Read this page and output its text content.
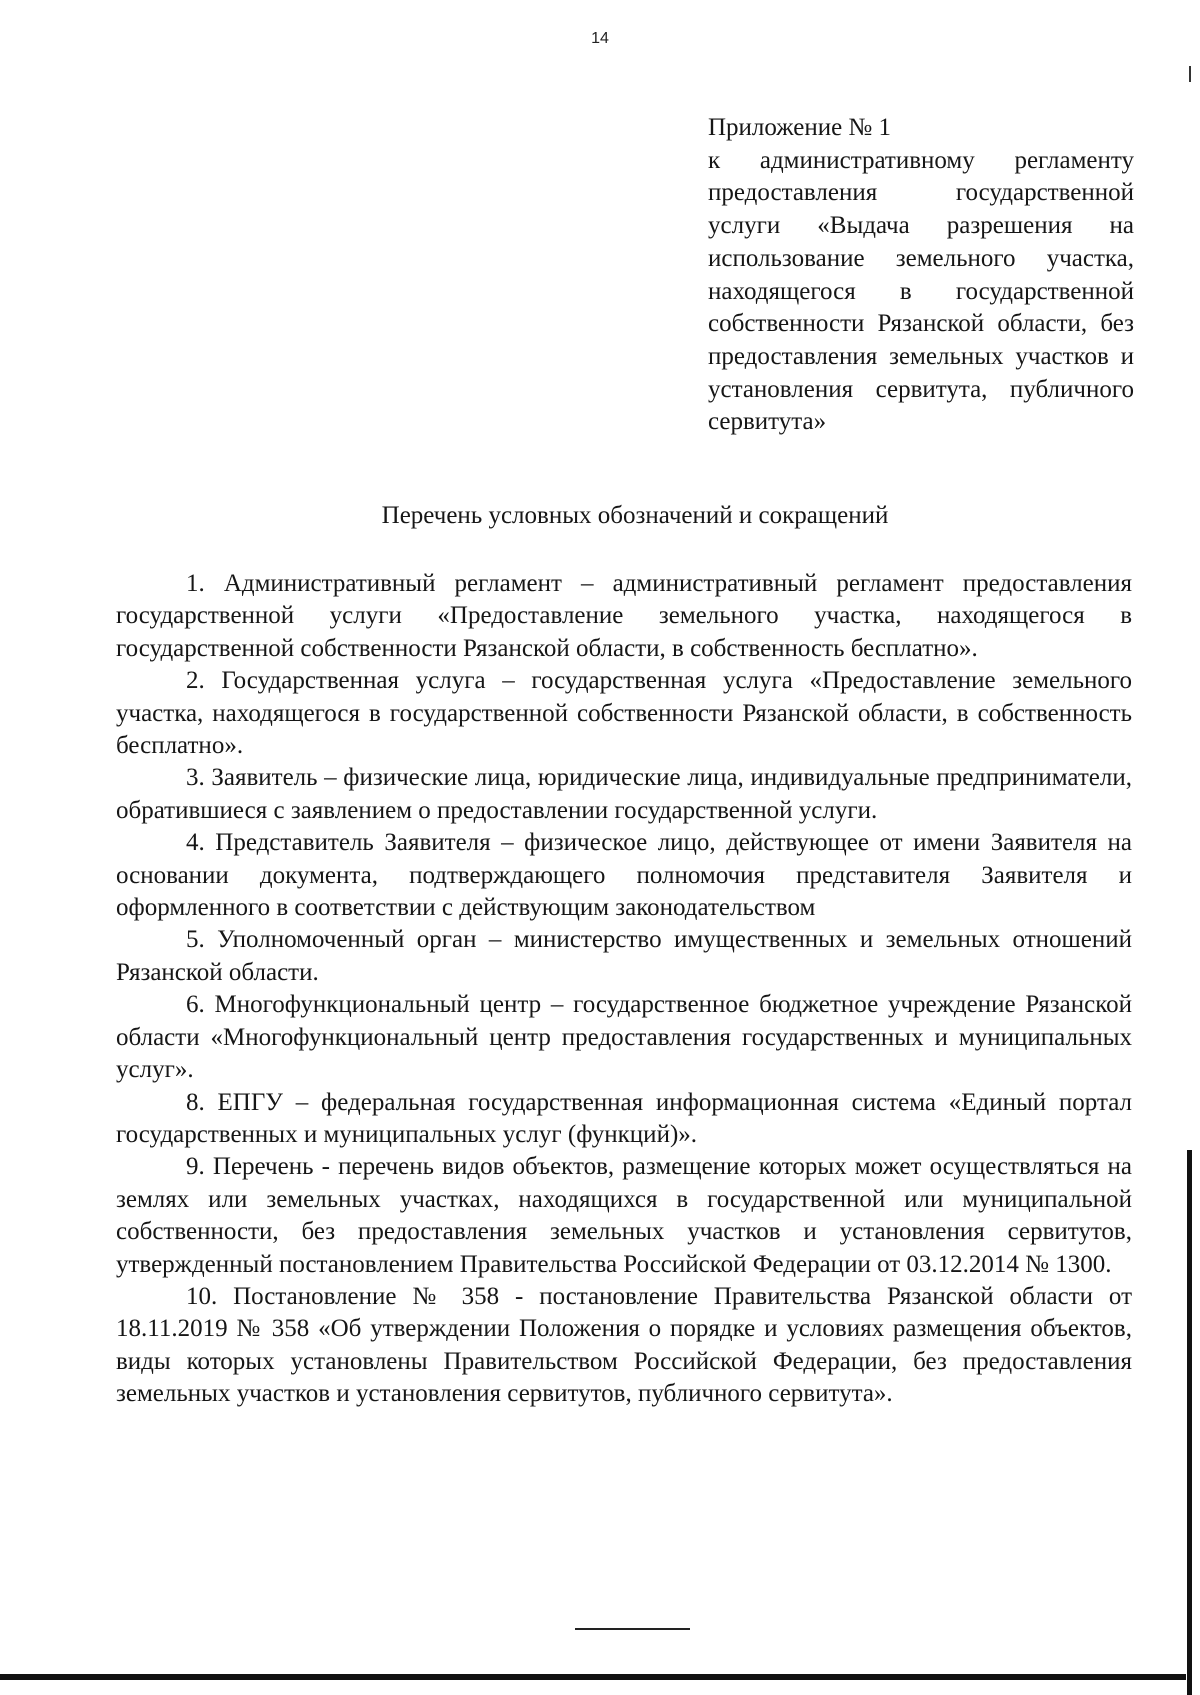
14
Приложение № 1
к административному регламенту предоставления государственной услуги «Выдача разрешения на использование земельного участка, находящегося в государственной собственности Рязанской области, без предоставления земельных участков и установления сервитута, публичного сервитута»
Перечень условных обозначений и сокращений

1. Административный регламент – административный регламент предоставления государственной услуги «Предоставление земельного участка, находящегося в государственной собственности Рязанской области, в собственность бесплатно».

2. Государственная услуга – государственная услуга «Предоставление земельного участка, находящегося в государственной собственности Рязанской области, в собственность бесплатно».

3. Заявитель – физические лица, юридические лица, индивидуальные предприниматели, обратившиеся с заявлением о предоставлении государственной услуги.

4. Представитель Заявителя – физическое лицо, действующее от имени Заявителя на основании документа, подтверждающего полномочия представителя Заявителя и оформленного в соответствии с действующим законодательством

5. Уполномоченный орган – министерство имущественных и земельных отношений Рязанской области.

6. Многофункциональный центр – государственное бюджетное учреждение Рязанской области «Многофункциональный центр предоставления государственных и муниципальных услуг».

8. ЕПГУ – федеральная государственная информационная система «Единый портал государственных и муниципальных услуг (функций)».

9. Перечень - перечень видов объектов, размещение которых может осуществляться на землях или земельных участках, находящихся в государственной или муниципальной собственности, без предоставления земельных участков и установления сервитутов, утвержденный постановлением Правительства Российской Федерации от 03.12.2014 № 1300.

10. Постановление № 358 - постановление Правительства Рязанской области от 18.11.2019 № 358 «Об утверждении Положения о порядке и условиях размещения объектов, виды которых установлены Правительством Российской Федерации, без предоставления земельных участков и установления сервитутов, публичного сервитута».
